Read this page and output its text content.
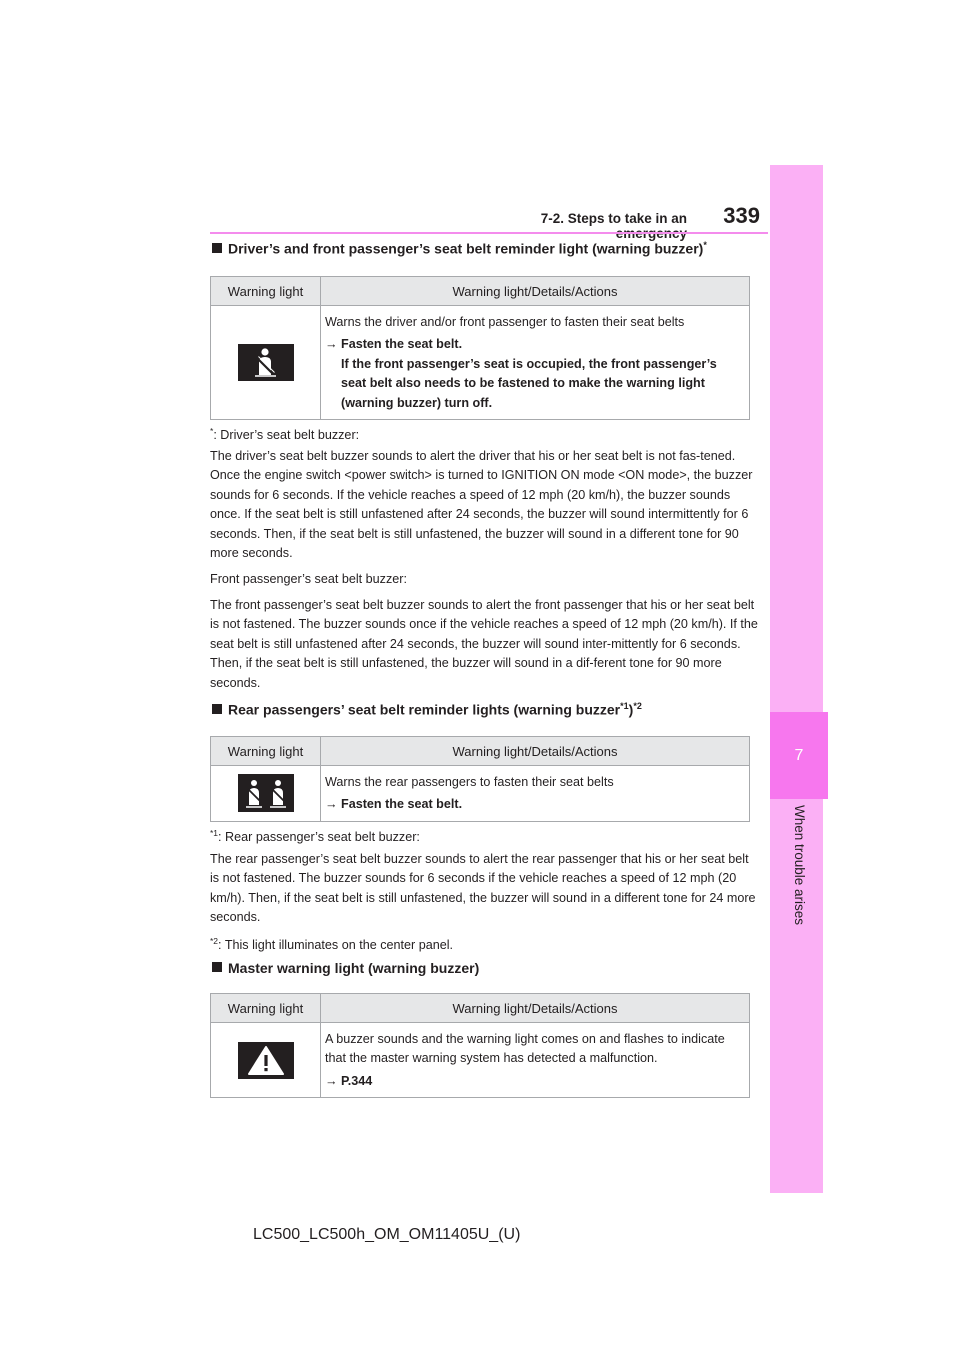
7
When trouble arises
7-2. Steps to take in an	339
Driver’s and front passenger’s seat belt reminder light (warning buzzer)*
Warning light	Warning light/Details/Actions

Warns the driver and/or front passenger to fasten their seat belts

→ Fasten the seat belt.

If the front passenger’s seat is occupied, the front passenger’s seat belt also needs to be fastened to make the warning light (warning buzzer) turn off.

*: Driver’s seat belt buzzer:
The driver’s seat belt buzzer sounds to alert the driver that his or her seat belt is not fas-tened. Once the engine switch <power switch> is turned to IGNITION ON mode <ON mode>, the buzzer sounds for 6 seconds. If the vehicle reaches a speed of 12 mph (20 km/h), the buzzer sounds once. If the seat belt is still unfastened after 24 seconds, the buzzer will sound intermittently for 6 seconds. Then, if the seat belt is still unfastened, the buzzer will sound in a different tone for 90 more seconds.
Front passenger’s seat belt buzzer:
The front passenger’s seat belt buzzer sounds to alert the front passenger that his or her seat belt is not fastened. The buzzer sounds once if the vehicle reaches a speed of 12 mph (20 km/h). If the seat belt is still unfastened after 24 seconds, the buzzer will sound inter-mittently for 6 seconds. Then, if the seat belt is still unfastened, the buzzer will sound in a dif-ferent tone for 90 more seconds.
Rear passengers’ seat belt reminder lights (warning buzzer$^{*1}$)$^{*2}$
Warning light	Warning light/Details/Actions

Warns the rear passengers to fasten their seat belts

→ Fasten the seat belt.

$^{*1}$: Rear passenger’s seat belt buzzer:
The rear passenger’s seat belt buzzer sounds to alert the rear passenger that his or her seat belt is not fastened. The buzzer sounds for 6 seconds if the vehicle reaches a speed of 12 mph (20 km/h). Then, if the seat belt is still unfastened, the buzzer will sound in a different tone for 24 more seconds.
$^{*2}$: This light illuminates on the center panel.
Master warning light (warning buzzer)
Warning light	Warning light/Details/Actions

A buzzer sounds and the warning light comes on and flashes to indicate that the master warning system has detected a malfunction.

→ P.344

LC500_LC500h_OM_OM11405U_(U)
